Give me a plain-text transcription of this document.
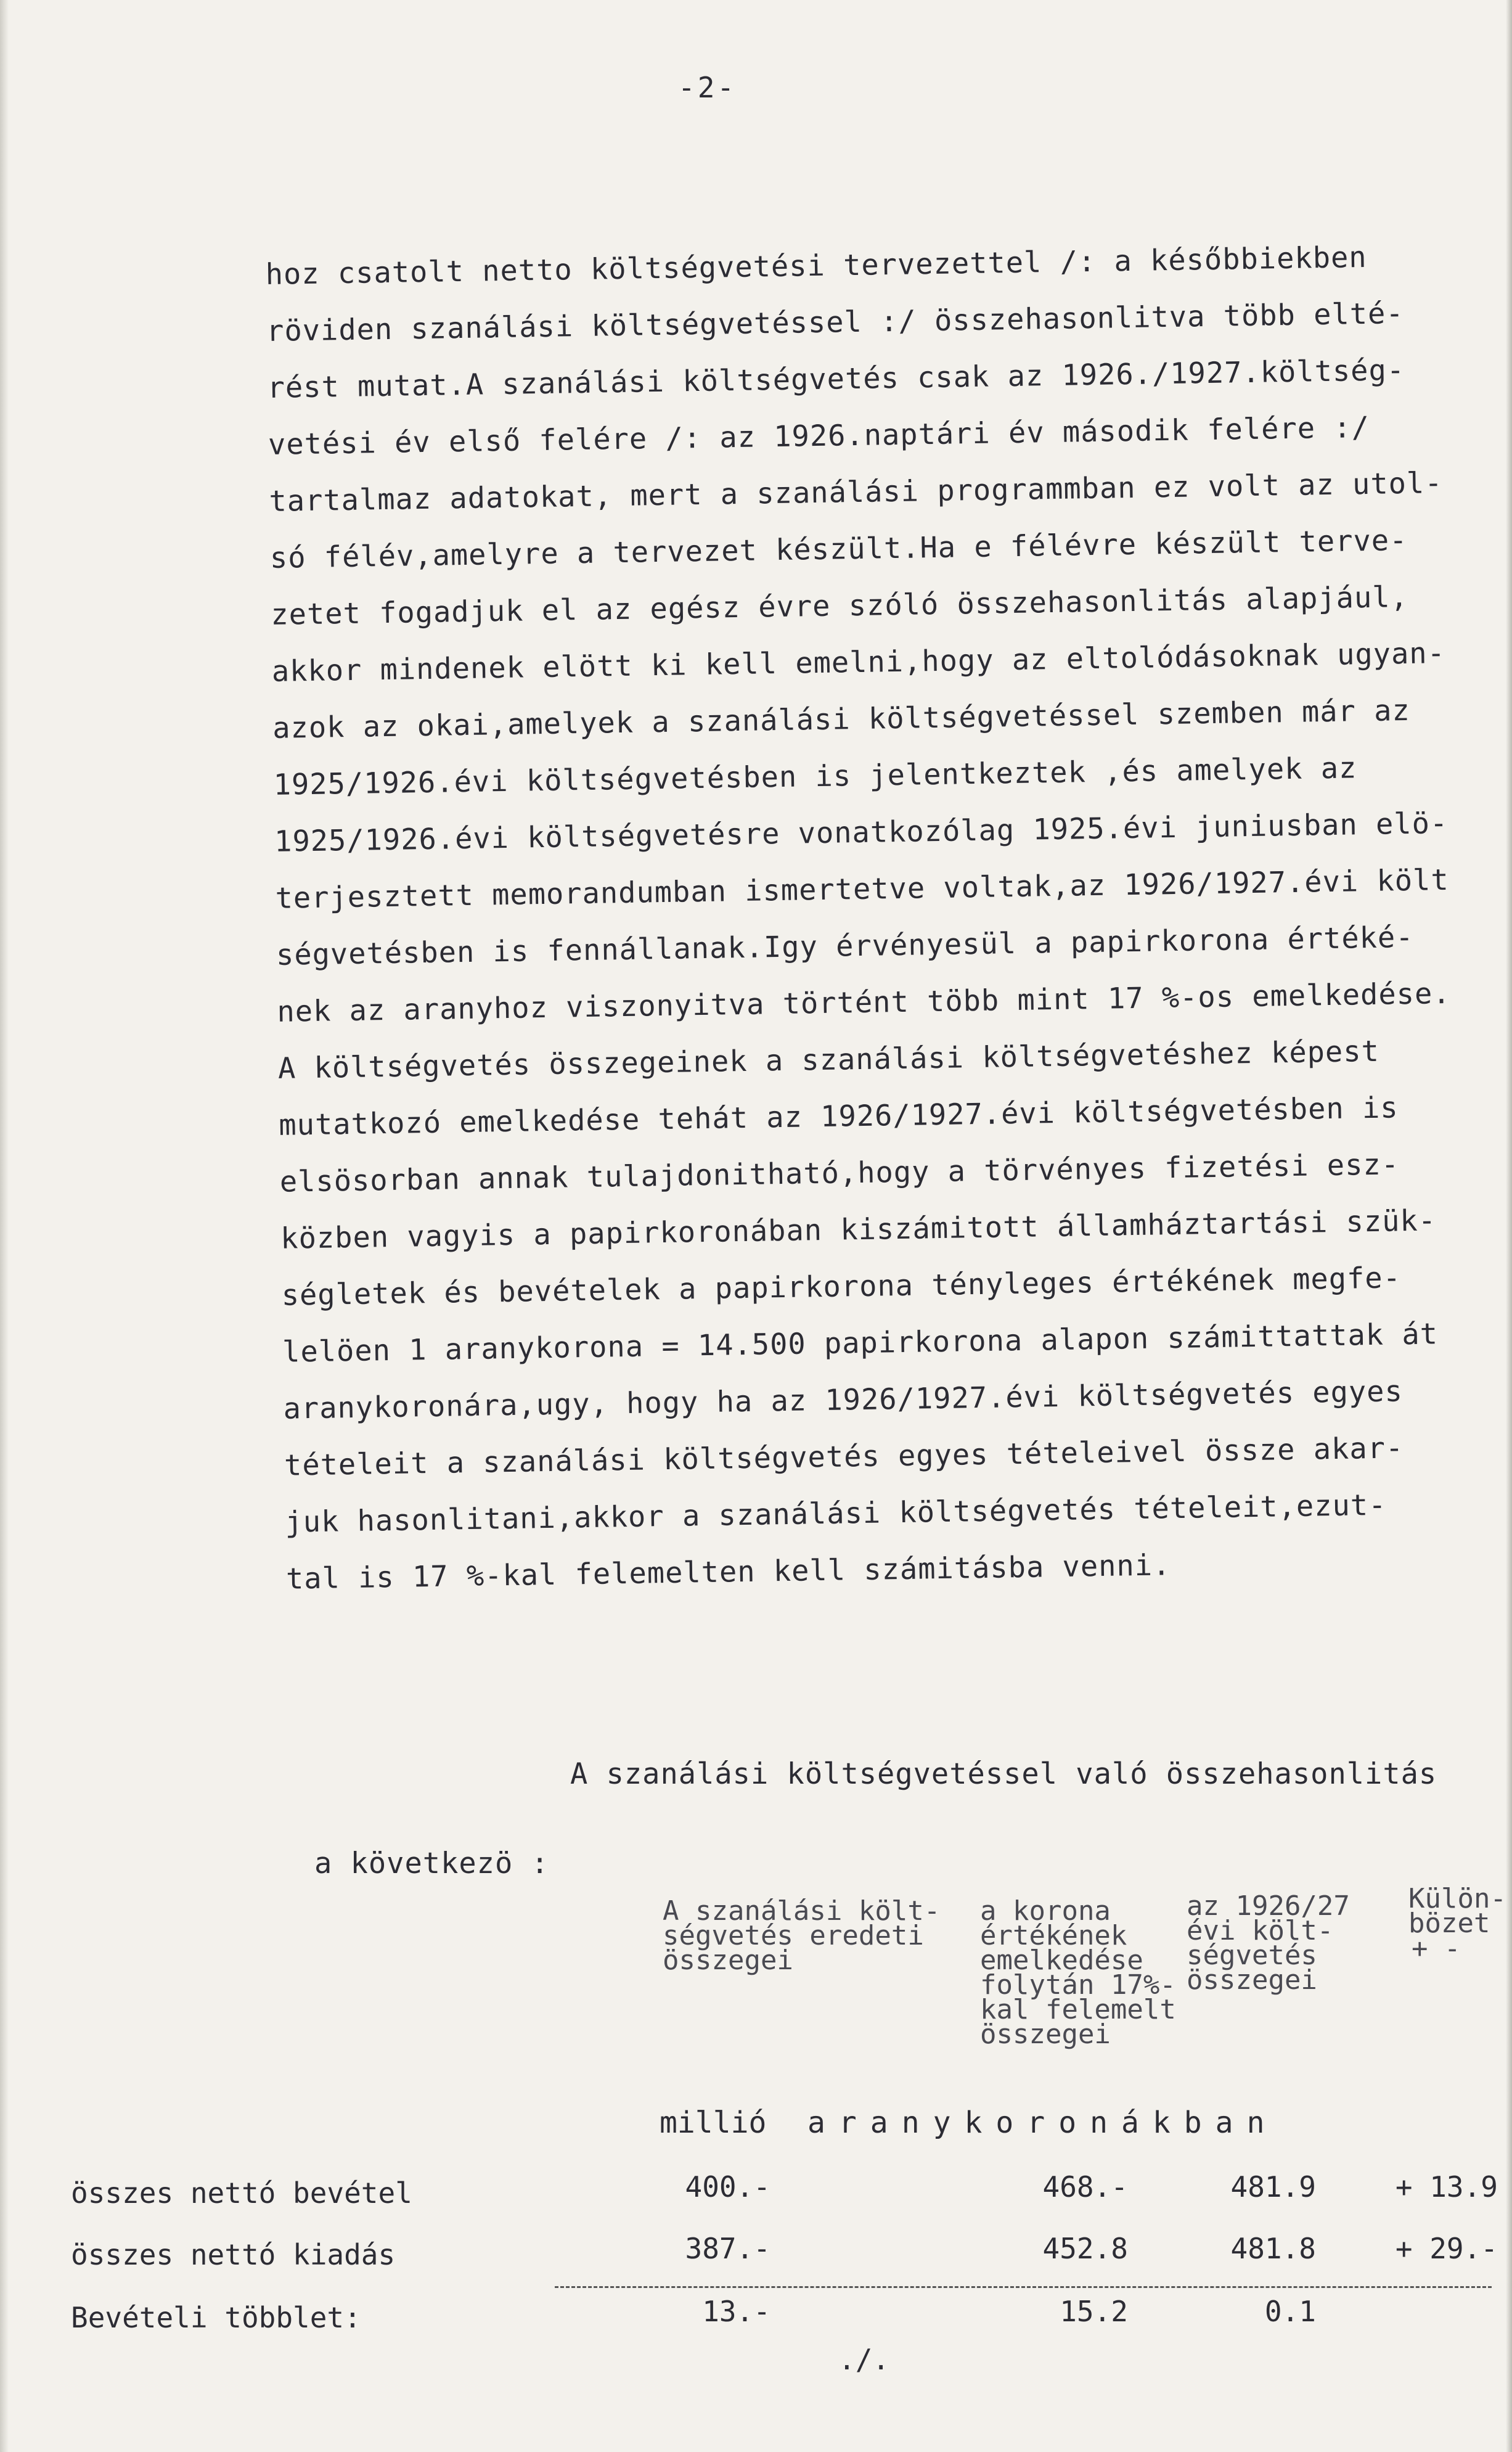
-2-
hoz csatolt netto költségvetési tervezettel /: a későbbiekben
röviden szanálási költségvetéssel :/ összehasonlitva több elté-
rést mutat.A szanálási költségvetés csak az 1926./1927.költség-
vetési év első felére /: az 1926.naptári év második felére :/
tartalmaz adatokat, mert a szanálási programmban ez volt az utol-
só félév,amelyre a tervezet készült.Ha e félévre készült terve-
zetet fogadjuk el az egész évre szóló összehasonlitás alapjául,
akkor mindenek elött ki kell emelni,hogy az eltolódásoknak ugyan-
azok az okai,amelyek a szanálási költségvetéssel szemben már az
1925/1926.évi költségvetésben is jelentkeztek ,és amelyek az
1925/1926.évi költségvetésre vonatkozólag 1925.évi juniusban elö-
terjesztett memorandumban ismertetve voltak,az 1926/1927.évi költ
ségvetésben is fennállanak.Igy érvényesül a papirkorona értéké-
nek az aranyhoz viszonyitva történt több mint 17 %-os emelkedése.
A költségvetés összegeinek a szanálási költségvetéshez képest
mutatkozó emelkedése tehát az 1926/1927.évi költségvetésben is
elsösorban annak tulajdonitható,hogy a törvényes fizetési esz-
közben vagyis a papirkoronában kiszámitott államháztartási szük-
ségletek és bevételek a papirkorona tényleges értékének megfe-
lelöen 1 aranykorona = 14.500 papirkorona alapon számittattak át
aranykoronára,ugy, hogy ha az 1926/1927.évi költségvetés egyes
tételeit a szanálási költségvetés egyes tételeivel össze akar-
juk hasonlitani,akkor a szanálási költségvetés tételeit,ezut-
tal is 17 %-kal felemelten kell számitásba venni.
A szanálási költségvetéssel való összehasonlitás
a következö :
A szanálási költ-
ségvetés eredeti
összegei
a korona
értékének
emelkedése
folytán 17%-
kal felemelt
összegei
az 1926/27
évi költ-
ségvetés
összegei
Külön-
bözet
+ -
millió aranykoronákban
összes nettó bevétel	400.-	468.-	481.9	+ 13.9
összes nettó kiadás	387.-	452.8	481.8	+ 29.-
Bevételi többlet:	13.-	15.2	0.1
./.
